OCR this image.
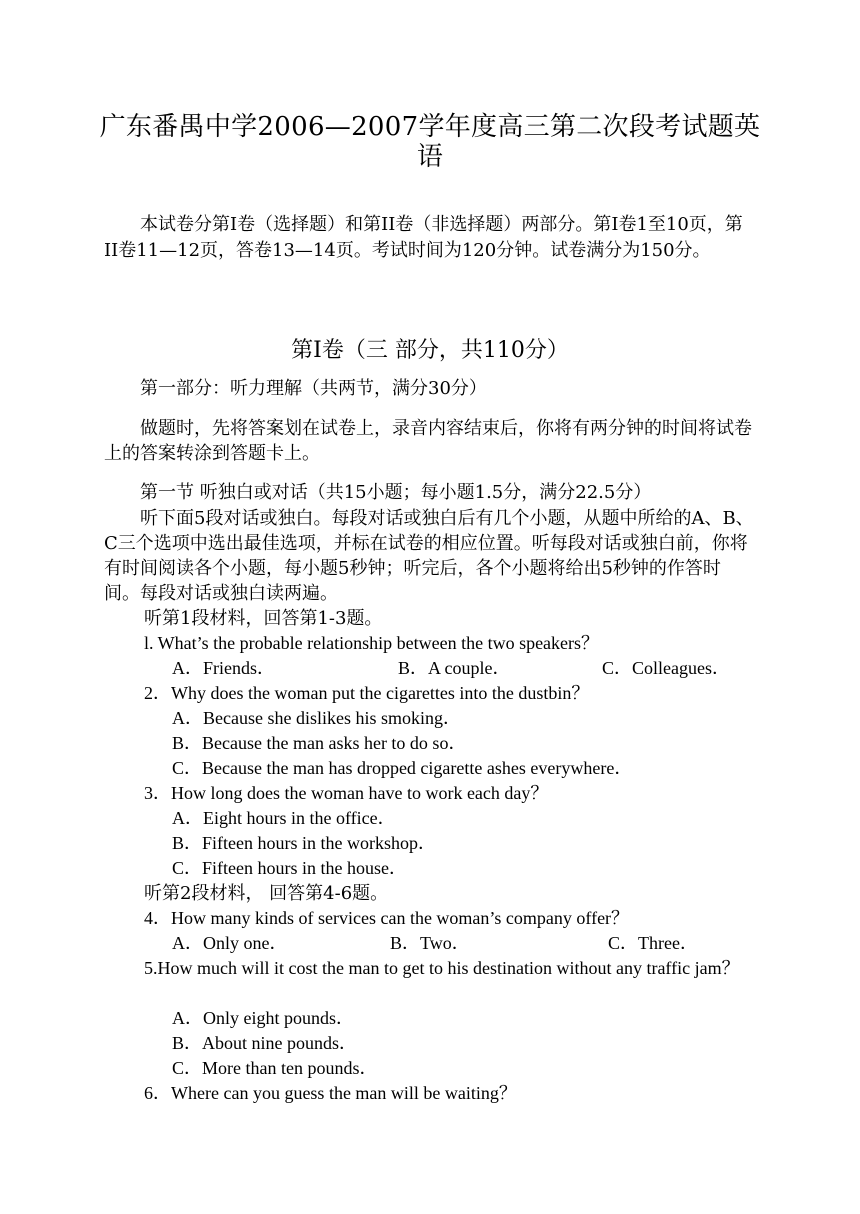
广东番禺中学2006—2007学年度高三第二次段考试题英语
本试卷分第I卷（选择题）和第II卷（非选择题）两部分。第I卷1至10页，第II卷11—12页，答卷13—14页。考试时间为120分钟。试卷满分为150分。
第I卷（三 部分，共110分）
第一部分：听力理解（共两节，满分30分）
做题时，先将答案划在试卷上，录音内容结束后，你将有两分钟的时间将试卷上的答案转涂到答题卡上。
第一节 听独白或对话（共15小题；每小题1.5分，满分22.5分）
听下面5段对话或独白。每段对话或独白后有几个小题，从题中所给的A、B、C三个选项中选出最佳选项，并标在试卷的相应位置。听每段对话或独白前，你将有时间阅读各个小题，每小题5秒钟；听完后，各个小题将给出5秒钟的作答时间。每段对话或独白读两遍。
听第1段材料，回答第1-3题。
l. What’s the probable relationship between the two speakers？
A．Friends．	B．A couple．	C．Colleagues．
2．Why does the woman put the cigarettes into the dustbin？
A．Because she dislikes his smoking．
B．Because the man asks her to do so．
C．Because the man has dropped cigarette ashes everywhere．
3．How long does the woman have to work each day？
A．Eight hours in the office．
B．Fifteen hours in the workshop．
C．Fifteen hours in the house．
听第2段材料， 回答第4-6题。
4．How many kinds of services can the woman’s company offer？
A．Only one．	B．Two．	C．Three．
5.How much will it cost the man to get to his destination without any traffic jam？
A．Only eight pounds．
B．About nine pounds．
C．More than ten pounds．
6．Where can you guess the man will be waiting？
